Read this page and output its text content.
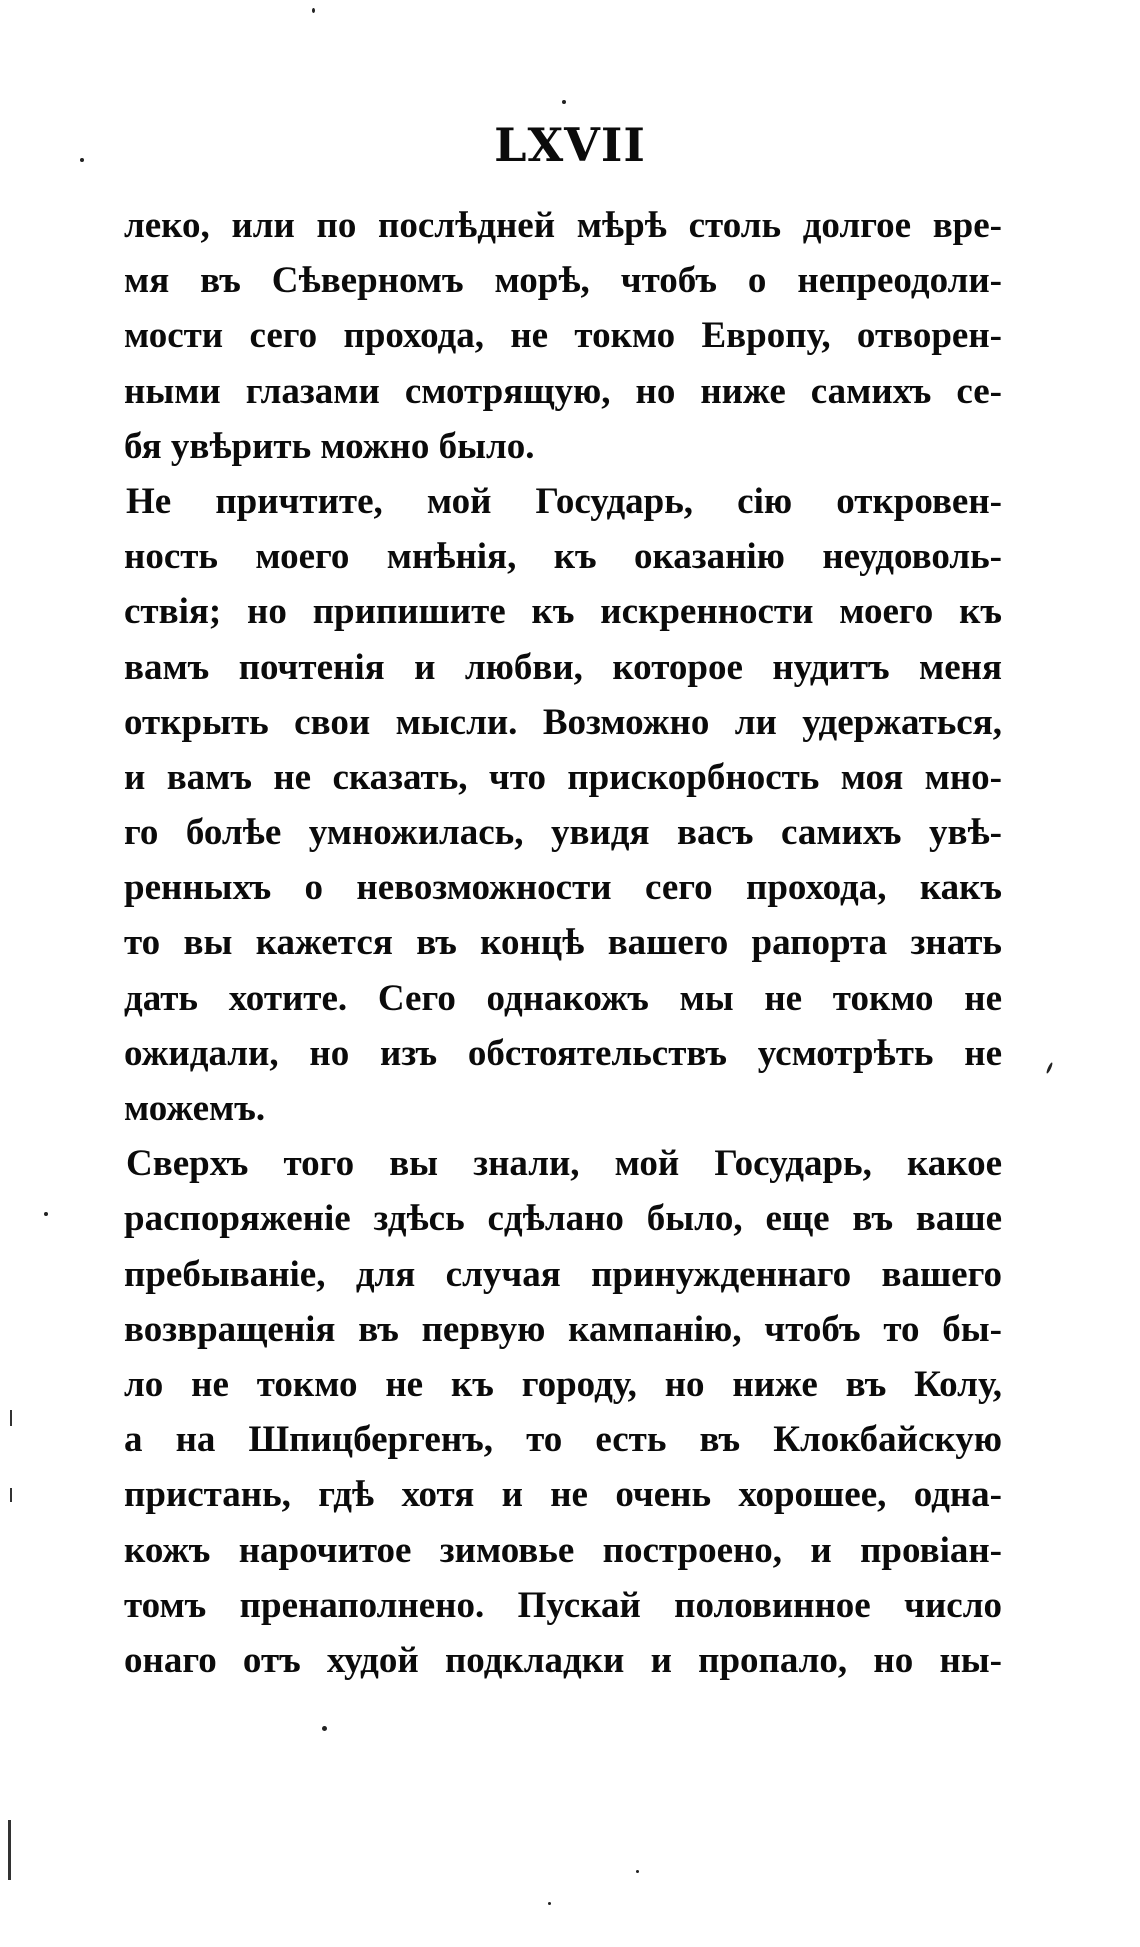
LXVII
леко, или по послѣдней мѣрѣ столь долгое вре-
мя въ Сѣверномъ морѣ, чтобъ о непреодоли-
мости сего прохода, не токмо Европу, отворен-
ными глазами смотрящую, но ниже самихъ се-
бя увѣрить можно было.
Не причтите, мой Государь, сію откровен-
ность моего мнѣнія, къ оказанію неудоволь-
ствія; но припишите къ искренности моего къ
вамъ почтенія и любви, которое нудитъ меня
открыть свои мысли. Возможно ли удержаться,
и вамъ не сказать, что прискорбность моя мно-
го болѣе умножилась, увидя васъ самихъ увѣ-
ренныхъ о невозможности сего прохода, какъ
то вы кажется въ концѣ вашего рапорта знать
дать хотите. Сего однакожъ мы не токмо не
ожидали, но изъ обстоятельствъ усмотрѣть не
можемъ.
Сверхъ того вы знали, мой Государь, какое
распоряженіе здѣсь сдѣлано было, еще въ ваше
пребываніе, для случая принужденнаго вашего
возвращенія въ первую кампанію, чтобъ то бы-
ло не токмо не къ городу, но ниже въ Колу,
а на Шпицбергенъ, то есть въ Клокбайскую
пристань, гдѣ хотя и не очень хорошее, одна-
кожъ нарочитое зимовье построено, и провіан-
томъ пренаполнено. Пускай половинное число
онаго отъ худой подкладки и пропало, но ны-
